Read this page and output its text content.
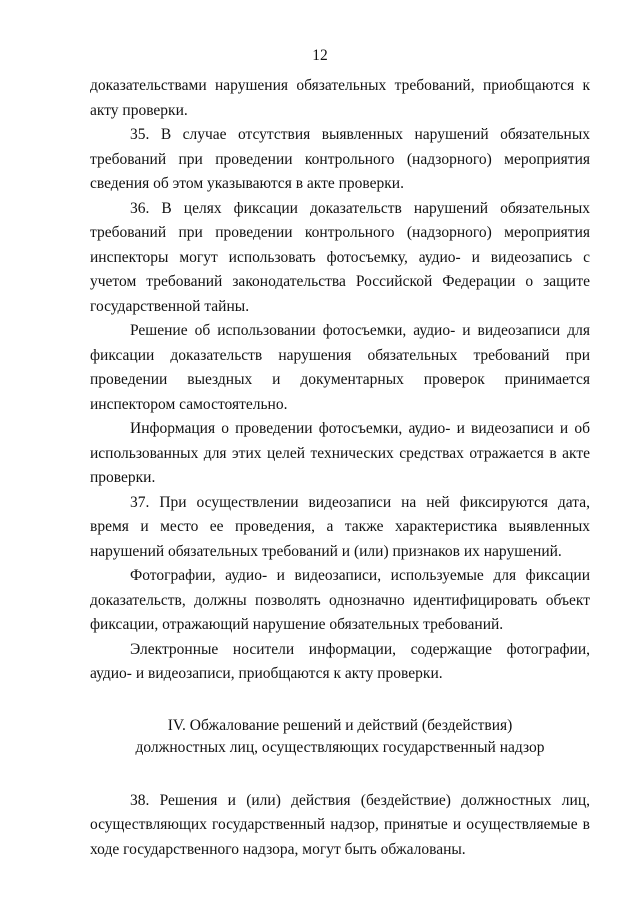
12

доказательствами нарушения обязательных требований, приобщаются к акту проверки.

35. В случае отсутствия выявленных нарушений обязательных требований при проведении контрольного (надзорного) мероприятия сведения об этом указываются в акте проверки.

36. В целях фиксации доказательств нарушений обязательных требований при проведении контрольного (надзорного) мероприятия инспекторы могут использовать фотосъемку, аудио- и видеозапись с учетом требований законодательства Российской Федерации о защите государственной тайны.

Решение об использовании фотосъемки, аудио- и видеозаписи для фиксации доказательств нарушения обязательных требований при проведении выездных и документарных проверок принимается инспектором самостоятельно.

Информация о проведении фотосъемки, аудио- и видеозаписи и об использованных для этих целей технических средствах отражается в акте проверки.

37. При осуществлении видеозаписи на ней фиксируются дата, время и место ее проведения, а также характеристика выявленных нарушений обязательных требований и (или) признаков их нарушений.

Фотографии, аудио- и видеозаписи, используемые для фиксации доказательств, должны позволять однозначно идентифицировать объект фиксации, отражающий нарушение обязательных требований.

Электронные носители информации, содержащие фотографии, аудио- и видеозаписи, приобщаются к акту проверки.

IV. Обжалование решений и действий (бездействия)
должностных лиц, осуществляющих государственный надзор

38. Решения и (или) действия (бездействие) должностных лиц, осуществляющих государственный надзор, принятые и осуществляемые в ходе государственного надзора, могут быть обжалованы.
